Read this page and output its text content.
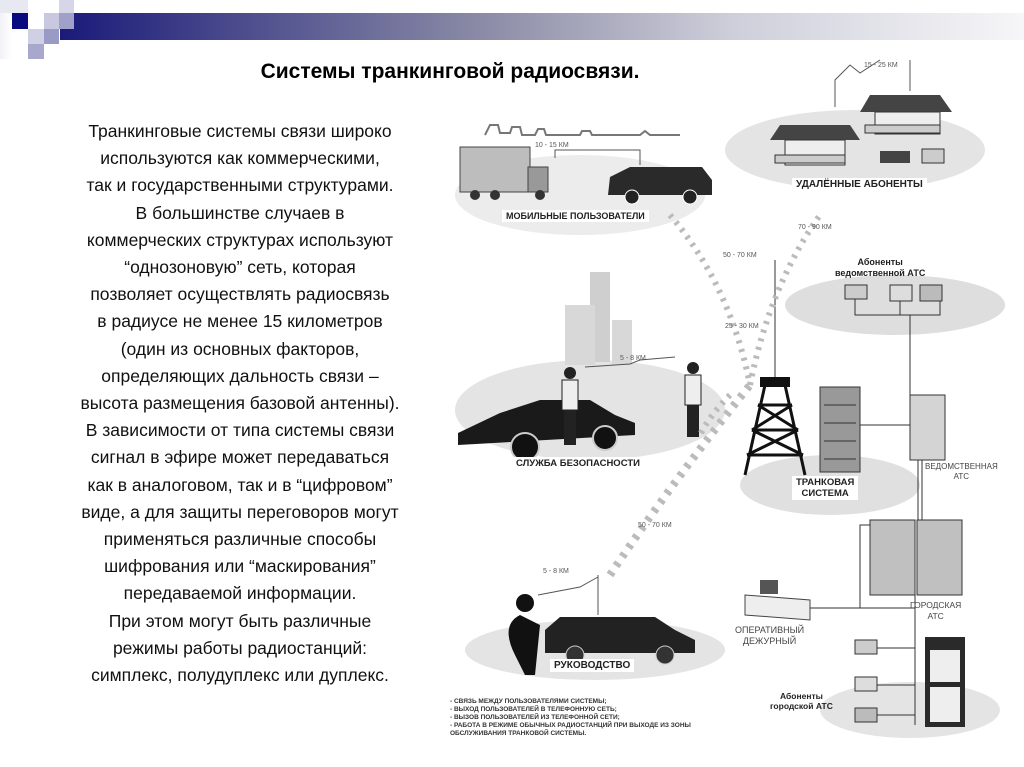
Системы транкинговой радиосвязи.
Транкинговые системы связи широко
используются как коммерческими,
так и государственными структурами.
В большинстве случаев в
коммерческих структурах используют
“однозоновую” сеть, которая
позволяет осуществлять радиосвязь
в радиусе не менее 15 километров
(один из основных факторов,
определяющих дальность связи –
высота размещения базовой антенны).
В зависимости от типа системы связи
сигнал в эфире может передаваться
как в аналоговом, так и в “цифровом”
виде, а для защиты переговоров могут
применяться различные способы
шифрования или “маскирования”
передаваемой информации.
При этом могут быть различные
режимы работы радиостанций:
симплекс, полудуплекс или дуплекс.
10 - 15 КМ
15 - 25 КМ
70 - 90 КМ
50 - 70 КМ
25 - 30 КМ
5 - 8 КМ
50 - 70 КМ
5 - 8 КМ
МОБИЛЬНЫЕ ПОЛЬЗОВАТЕЛИ
УДАЛЁННЫЕ АБОНЕНТЫ
Абоненты
ведомственной АТС
СЛУЖБА БЕЗОПАСНОСТИ
ТРАНКОВАЯ
СИСТЕМА
ВЕДОМСТВЕННАЯ
АТС
ГОРОДСКАЯ
АТС
ОПЕРАТИВНЫЙ
ДЕЖУРНЫЙ
РУКОВОДСТВО
Абоненты
городской АТС
- СВЯЗЬ МЕЖДУ ПОЛЬЗОВАТЕЛЯМИ СИСТЕМЫ;
- ВЫХОД ПОЛЬЗОВАТЕЛЕЙ В ТЕЛЕФОННУЮ СЕТЬ;
- ВЫЗОВ ПОЛЬЗОВАТЕЛЕЙ ИЗ ТЕЛЕФОННОЙ СЕТИ;
- РАБОТА В РЕЖИМЕ ОБЫЧНЫХ РАДИОСТАНЦИЙ ПРИ ВЫХОДЕ ИЗ ЗОНЫ
ОБСЛУЖИВАНИЯ ТРАНКОВОЙ СИСТЕМЫ.
